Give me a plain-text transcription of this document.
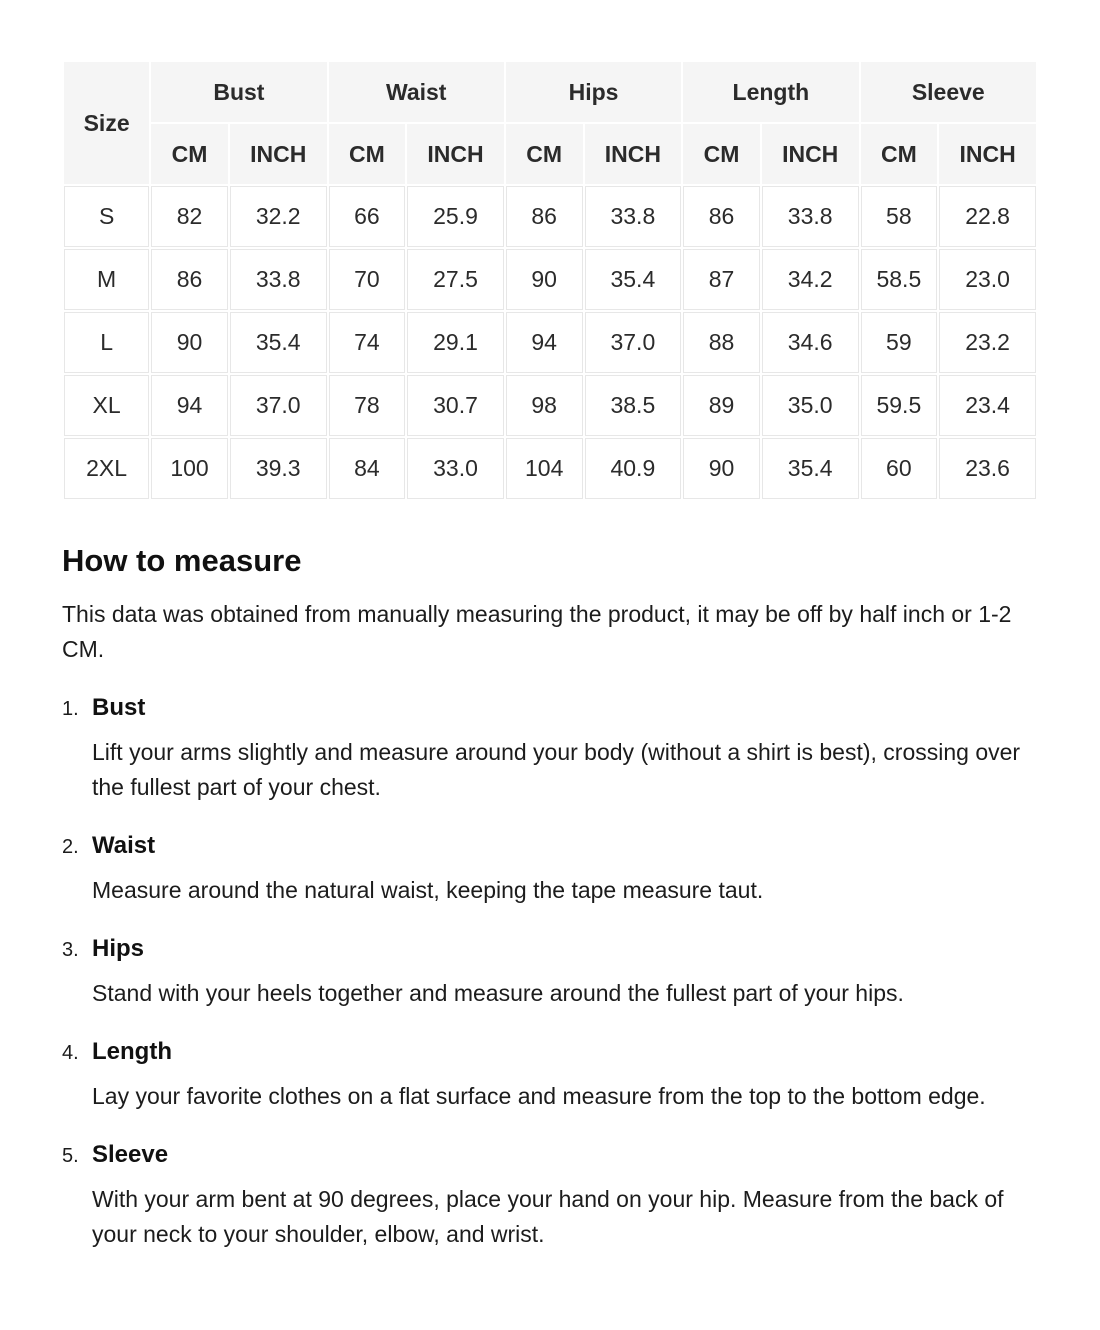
Size	Bust		Waist		Hips		Length		Sleeve	
	CM	INCH	CM	INCH	CM	INCH	CM	INCH	CM	INCH
S	82	32.2	66	25.9	86	33.8	86	33.8	58	22.8
M	86	33.8	70	27.5	90	35.4	87	34.2	58.5	23.0
L	90	35.4	74	29.1	94	37.0	88	34.6	59	23.2
XL	94	37.0	78	30.7	98	38.5	89	35.0	59.5	23.4
2XL	100	39.3	84	33.0	104	40.9	90	35.4	60	23.6
How to measure

This data was obtained from manually measuring the product, it may be off by half inch or 1-2 CM.

1. Bust

Lift your arms slightly and measure around your body (without a shirt is best), crossing over the fullest part of your chest.

2. Waist

Measure around the natural waist, keeping the tape measure taut.

3. Hips

Stand with your heels together and measure around the fullest part of your hips.

4. Length

Lay your favorite clothes on a flat surface and measure from the top to the bottom edge.

5. Sleeve

With your arm bent at 90 degrees, place your hand on your hip. Measure from the back of your neck to your shoulder, elbow, and wrist.
